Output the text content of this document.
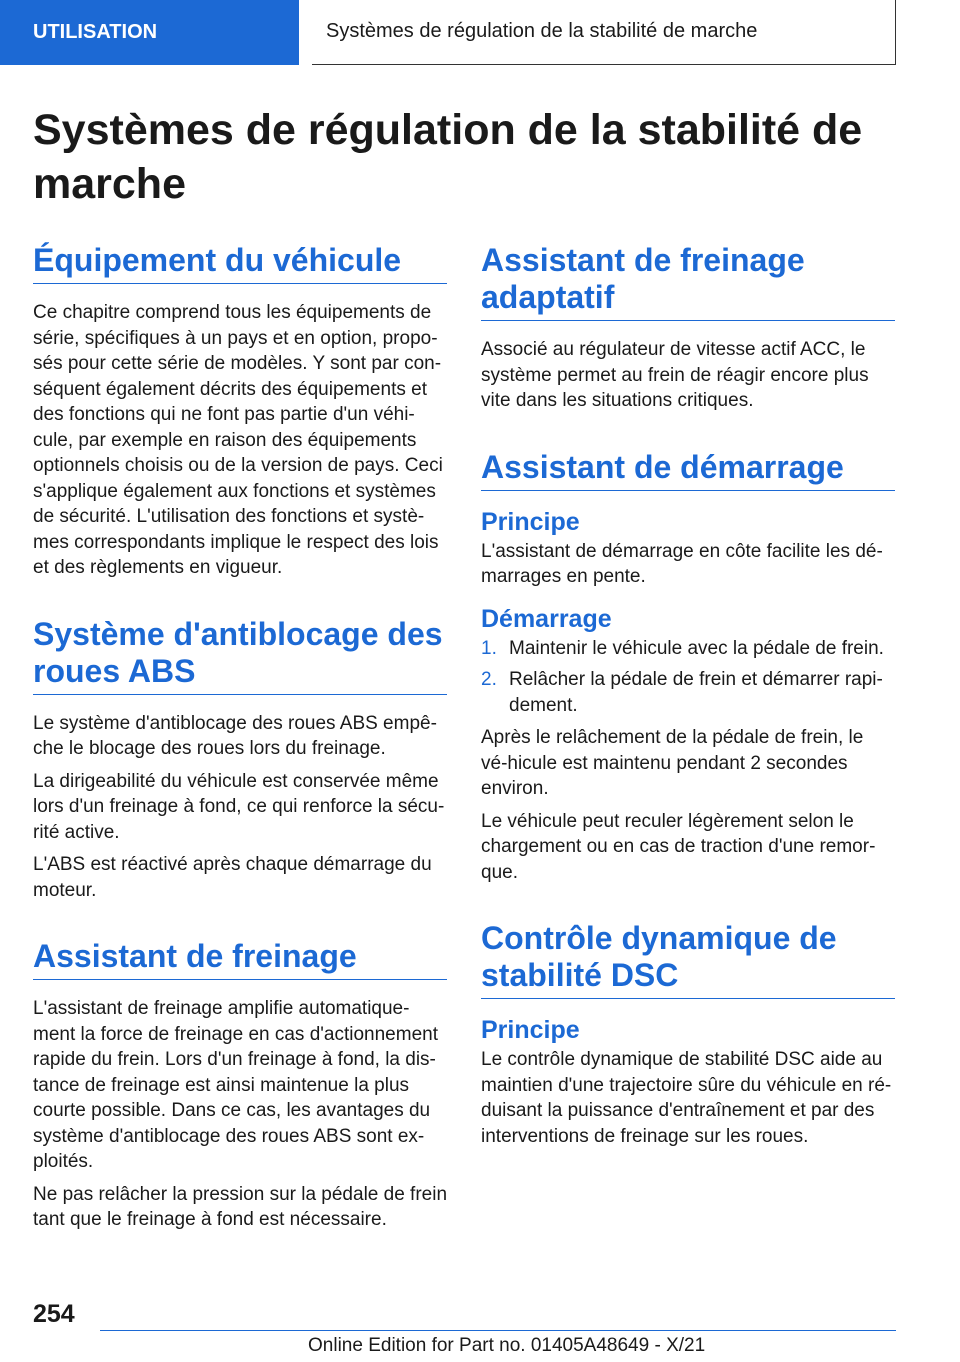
UTILISATION	Systèmes de régulation de la stabilité de marche
Systèmes de régulation de la stabilité de marche
Équipement du véhicule

Ce chapitre comprend tous les équipements de série, spécifiques à un pays et en option, propo-sés pour cette série de modèles. Y sont par con-séquent également décrits des équipements et des fonctions qui ne font pas partie d'un véhi-cule, par exemple en raison des équipements optionnels choisis ou de la version de pays. Ceci s'applique également aux fonctions et systèmes de sécurité. L'utilisation des fonctions et systè-mes correspondants implique le respect des lois et des règlements en vigueur.

Système d'antiblocage des roues ABS

Le système d'antiblocage des roues ABS empê-che le blocage des roues lors du freinage.

La dirigeabilité du véhicule est conservée même lors d'un freinage à fond, ce qui renforce la sécu-rité active.

L'ABS est réactivé après chaque démarrage du moteur.

Assistant de freinage

L'assistant de freinage amplifie automatique-ment la force de freinage en cas d'actionnement rapide du frein. Lors d'un freinage à fond, la dis-tance de freinage est ainsi maintenue la plus courte possible. Dans ce cas, les avantages du système d'antiblocage des roues ABS sont ex-ploités.

Ne pas relâcher la pression sur la pédale de frein tant que le freinage à fond est nécessaire.

Assistant de freinage adaptatif

Associé au régulateur de vitesse actif ACC, le système permet au frein de réagir encore plus vite dans les situations critiques.

Assistant de démarrage
Principe

L'assistant de démarrage en côte facilite les dé-marrages en pente.

Démarrage
1. Maintenir le véhicule avec la pédale de frein.
2. Relâcher la pédale de frein et démarrer rapi-dement.

Après le relâchement de la pédale de frein, le vé-hicule est maintenu pendant 2 secondes environ.

Le véhicule peut reculer légèrement selon le chargement ou en cas de traction d'une remor-que.

Contrôle dynamique de stabilité DSC
Principe

Le contrôle dynamique de stabilité DSC aide au maintien d'une trajectoire sûre du véhicule en ré-duisant la puissance d'entraînement et par des interventions de freinage sur les roues.

254
Online Edition for Part no. 01405A48649 - X/21
